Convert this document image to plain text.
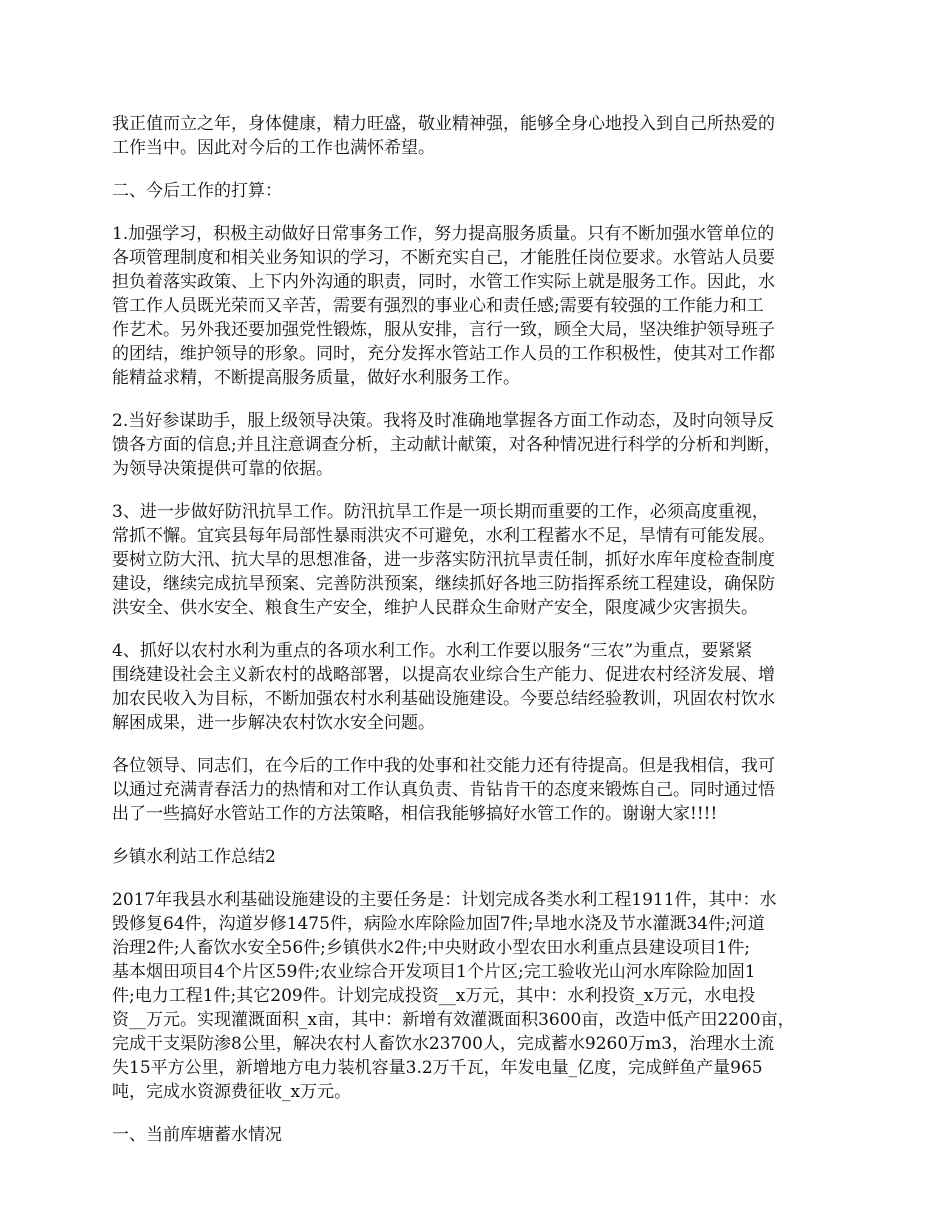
我正值而立之年，身体健康，精力旺盛，敬业精神强，能够全身心地投入到自己所热爱的
工作当中。因此对今后的工作也满怀希望。

二、今后工作的打算：

1.加强学习，积极主动做好日常事务工作，努力提高服务质量。只有不断加强水管单位的
各项管理制度和相关业务知识的学习，不断充实自己，才能胜任岗位要求。水管站人员要
担负着落实政策、上下内外沟通的职责，同时，水管工作实际上就是服务工作。因此，水
管工作人员既光荣而又辛苦，需要有强烈的事业心和责任感;需要有较强的工作能力和工
作艺术。另外我还要加强党性锻炼，服从安排，言行一致，顾全大局，坚决维护领导班子
的团结，维护领导的形象。同时，充分发挥水管站工作人员的工作积极性，使其对工作都
能精益求精，不断提高服务质量，做好水利服务工作。

2.当好参谋助手，服上级领导决策。我将及时准确地掌握各方面工作动态，及时向领导反
馈各方面的信息;并且注意调查分析，主动献计献策，对各种情况进行科学的分析和判断，
为领导决策提供可靠的依据。

3、进一步做好防汛抗旱工作。防汛抗旱工作是一项长期而重要的工作，必须高度重视，
常抓不懈。宜宾县每年局部性暴雨洪灾不可避免，水利工程蓄水不足，旱情有可能发展。
要树立防大汛、抗大旱的思想准备，进一步落实防汛抗旱责任制，抓好水库年度检查制度
建设，继续完成抗旱预案、完善防洪预案，继续抓好各地三防指挥系统工程建设，确保防
洪安全、供水安全、粮食生产安全，维护人民群众生命财产安全，限度减少灾害损失。

4、抓好以农村水利为重点的各项水利工作。水利工作要以服务“三农”为重点，要紧紧
围绕建设社会主义新农村的战略部署，以提高农业综合生产能力、促进农村经济发展、增
加农民收入为目标，不断加强农村水利基础设施建设。今要总结经验教训，巩固农村饮水
解困成果，进一步解决农村饮水安全问题。

各位领导、同志们，在今后的工作中我的处事和社交能力还有待提高。但是我相信，我可
以通过充满青春活力的热情和对工作认真负责、肯钻肯干的态度来锻炼自己。同时通过悟
出了一些搞好水管站工作的方法策略，相信我能够搞好水管工作的。谢谢大家!!!!

乡镇水利站工作总结2

2017年我县水利基础设施建设的主要任务是：计划完成各类水利工程1911件，其中：水
毁修复64件，沟道岁修1475件，病险水库除险加固7件;旱地水浇及节水灌溉34件;河道
治理2件;人畜饮水安全56件;乡镇供水2件;中央财政小型农田水利重点县建设项目1件;
基本烟田项目4个片区59件;农业综合开发项目1个片区;完工验收光山河水库除险加固1
件;电力工程1件;其它209件。计划完成投资__x万元，其中：水利投资_x万元，水电投
资__万元。实现灌溉面积_x亩，其中：新增有效灌溉面积3600亩，改造中低产田2200亩，
完成干支渠防渗8公里，解决农村人畜饮水23700人，完成蓄水9260万m3，治理水土流
失15平方公里，新增地方电力装机容量3.2万千瓦，年发电量_亿度，完成鲜鱼产量965
吨，完成水资源费征收_x万元。

一、当前库塘蓄水情况
